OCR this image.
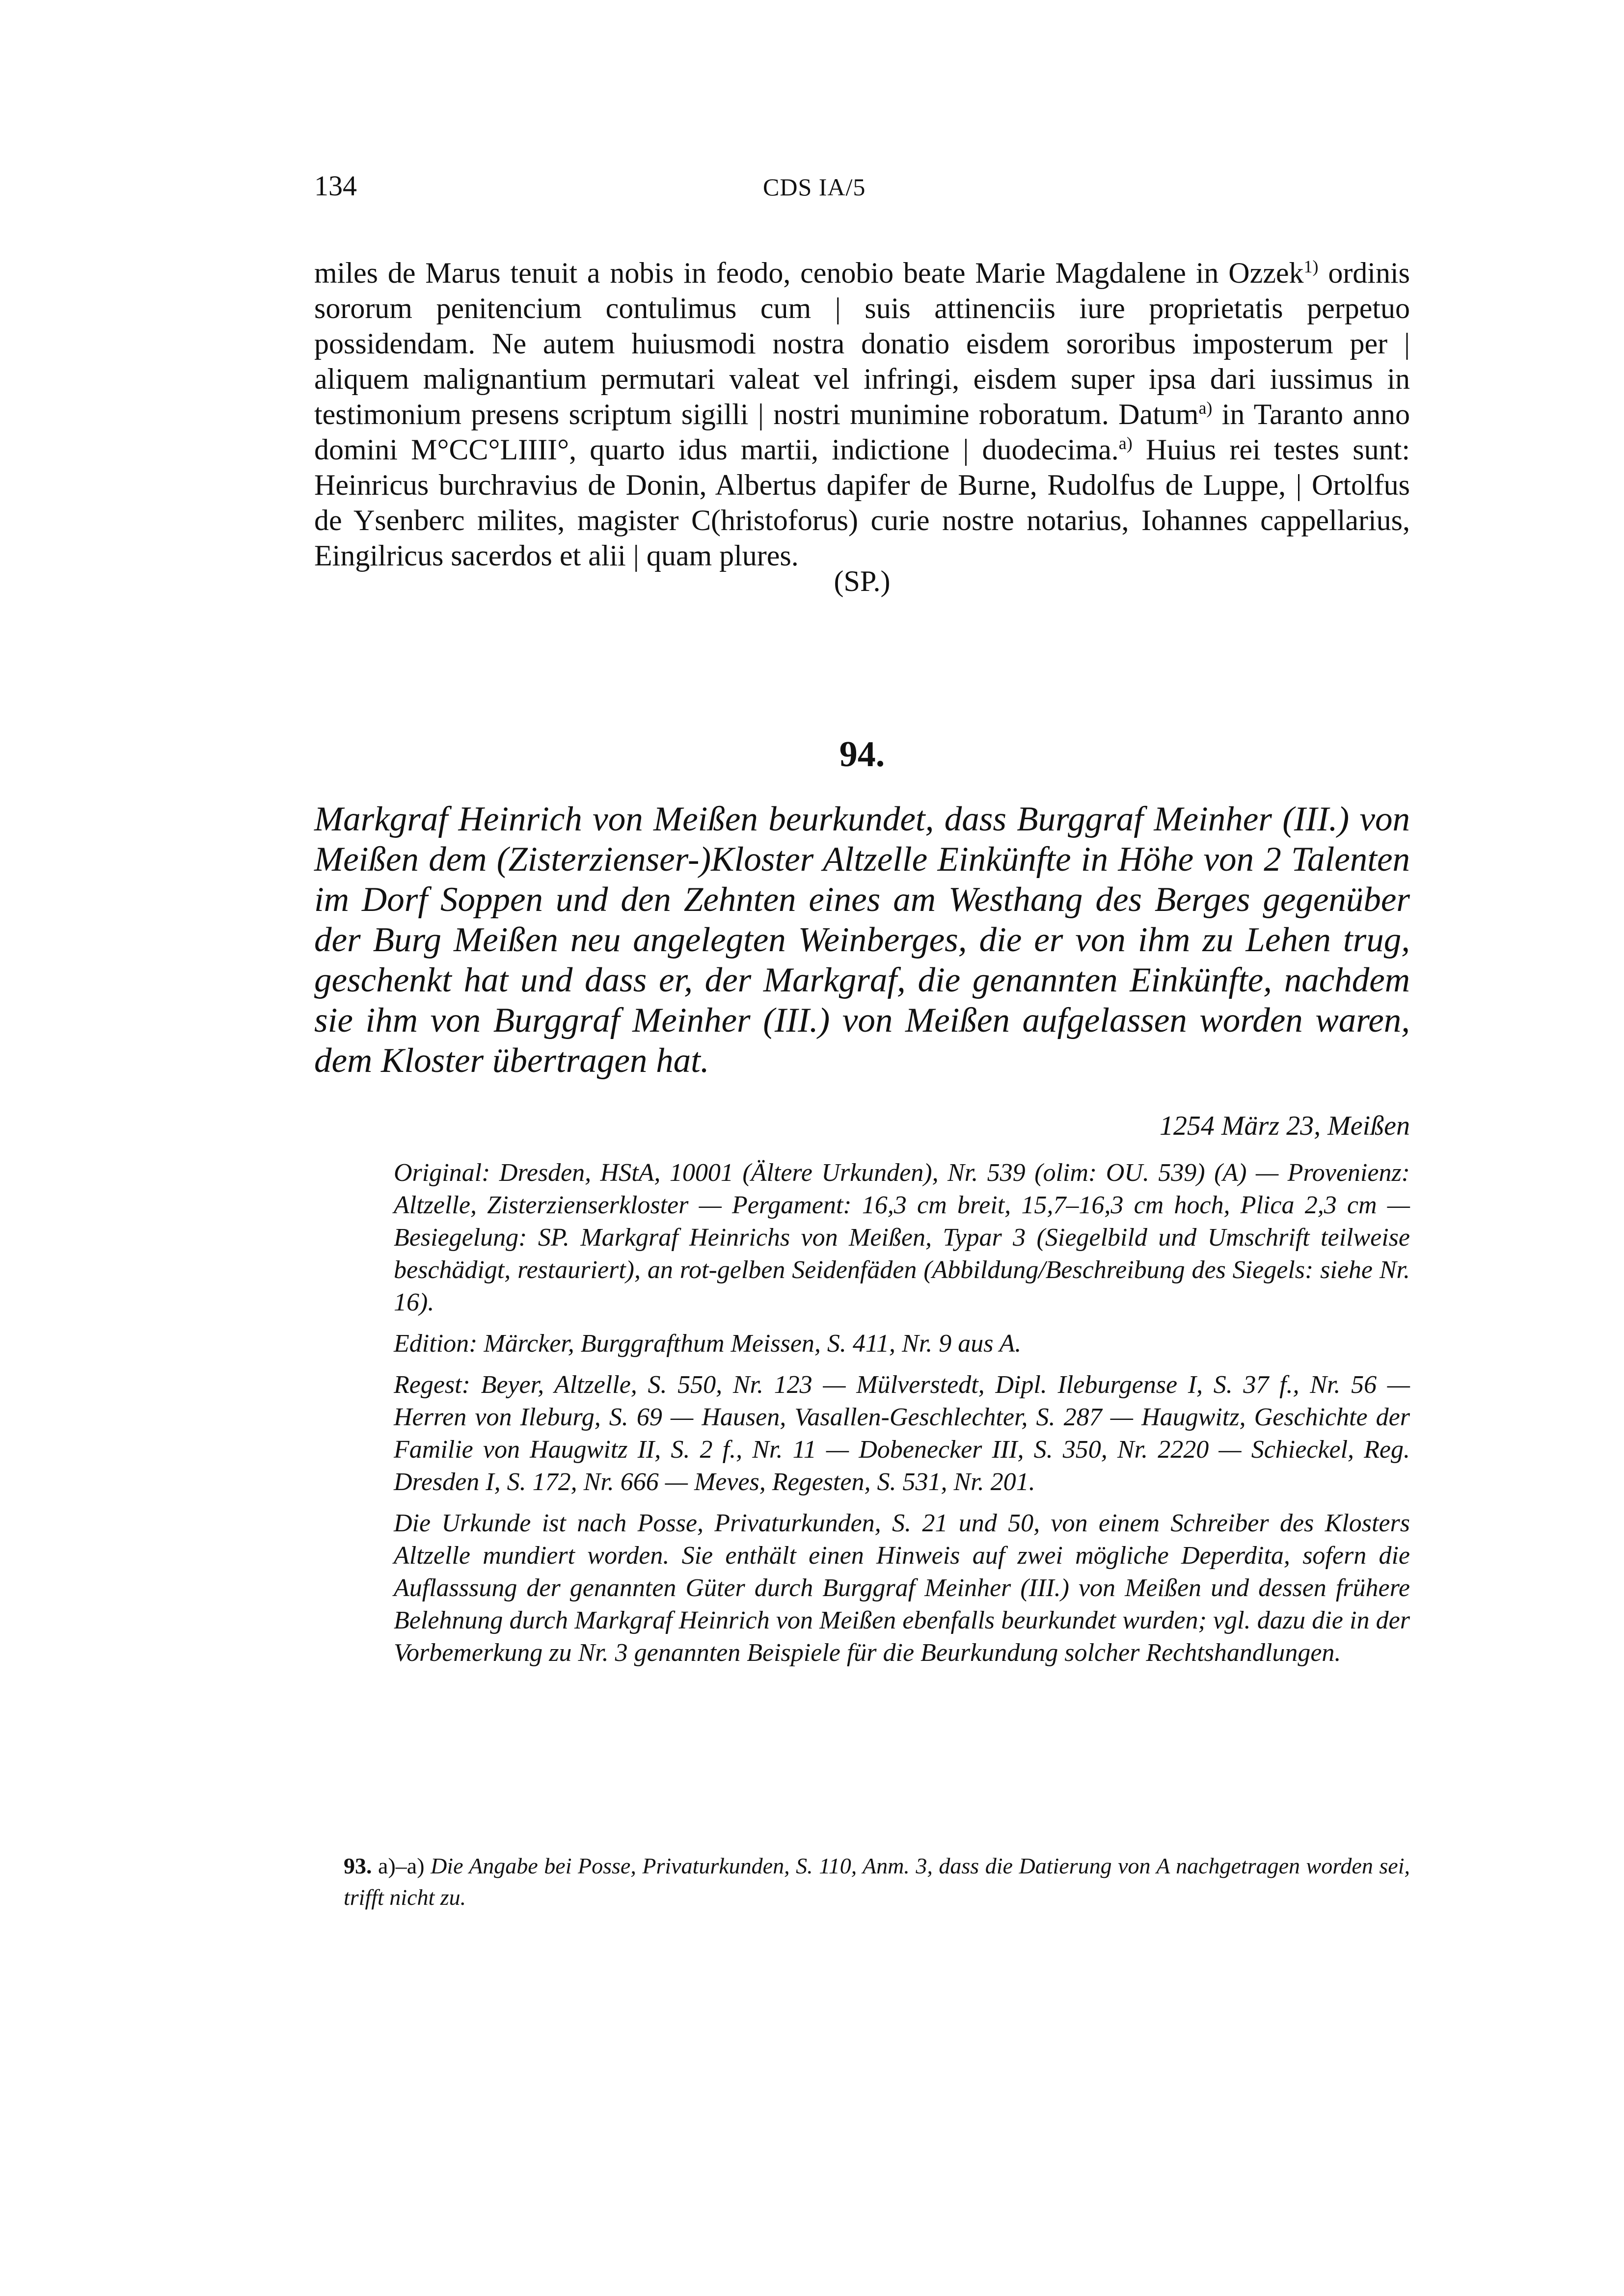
134	CDS IA/5
miles de Marus tenuit a nobis in feodo, cenobio beate Marie Magdalene in Ozzek$^{1)}$ ordinis sororum penitencium contulimus cum | suis attinenciis iure proprietatis perpetuo possidendam. Ne autem huiusmodi nostra donatio eisdem sororibus imposterum per | aliquem malignantium permutari valeat vel infringi, eisdem super ipsa dari iussimus in testimonium presens scriptum sigilli | nostri munimine roboratum. Datum$^{a)}$ in Taranto anno domini M°CC°LIIII°, quarto idus martii, indictione | duodecima.$^{a)}$ Huius rei testes sunt: Heinricus burchravius de Donin, Albertus dapifer de Burne, Rudolfus de Luppe, | Ortolfus de Ysenberc milites, magister C(hristoforus) curie nostre notarius, Iohannes cappellarius, Eingilricus sacerdos et alii | quam plures.
(SP.)
94.
Markgraf Heinrich von Meißen beurkundet, dass Burggraf Meinher (III.) von Meißen dem (Zisterzienser-)Kloster Altzelle Einkünfte in Höhe von 2 Talenten im Dorf Soppen und den Zehnten eines am Westhang des Berges gegenüber der Burg Meißen neu angelegten Weinberges, die er von ihm zu Lehen trug, geschenkt hat und dass er, der Markgraf, die genannten Einkünfte, nachdem sie ihm von Burggraf Meinher (III.) von Meißen aufgelassen worden waren, dem Kloster übertragen hat.
1254 März 23, Meißen

Original: Dresden, HStA, 10001 (Ältere Urkunden), Nr. 539 (olim: OU. 539) (A) — Provenienz: Altzelle, Zisterzienserkloster — Pergament: 16,3 cm breit, 15,7–16,3 cm hoch, Plica 2,3 cm — Besiegelung: SP. Markgraf Heinrichs von Meißen, Typar 3 (Siegelbild und Umschrift teilweise beschädigt, restauriert), an rot-gelben Seidenfäden (Abbildung/Beschreibung des Siegels: siehe Nr. 16).

Edition: Märcker, Burggrafthum Meissen, S. 411, Nr. 9 aus A.

Regest: Beyer, Altzelle, S. 550, Nr. 123 — Mülverstedt, Dipl. Ileburgense I, S. 37 f., Nr. 56 — Herren von Ileburg, S. 69 — Hausen, Vasallen-Geschlechter, S. 287 — Haugwitz, Geschichte der Familie von Haugwitz II, S. 2 f., Nr. 11 — Dobenecker III, S. 350, Nr. 2220 — Schieckel, Reg. Dresden I, S. 172, Nr. 666 — Meves, Regesten, S. 531, Nr. 201.

Die Urkunde ist nach Posse, Privaturkunden, S. 21 und 50, von einem Schreiber des Klosters Altzelle mundiert worden. Sie enthält einen Hinweis auf zwei mögliche Deperdita, sofern die Auflasssung der genannten Güter durch Burggraf Meinher (III.) von Meißen und dessen frühere Belehnung durch Markgraf Heinrich von Meißen ebenfalls beurkundet wurden; vgl. dazu die in der Vorbemerkung zu Nr. 3 genannten Beispiele für die Beurkundung solcher Rechtshandlungen.

93. a)–a) Die Angabe bei Posse, Privaturkunden, S. 110, Anm. 3, dass die Datierung von A nachgetragen worden sei, trifft nicht zu.
